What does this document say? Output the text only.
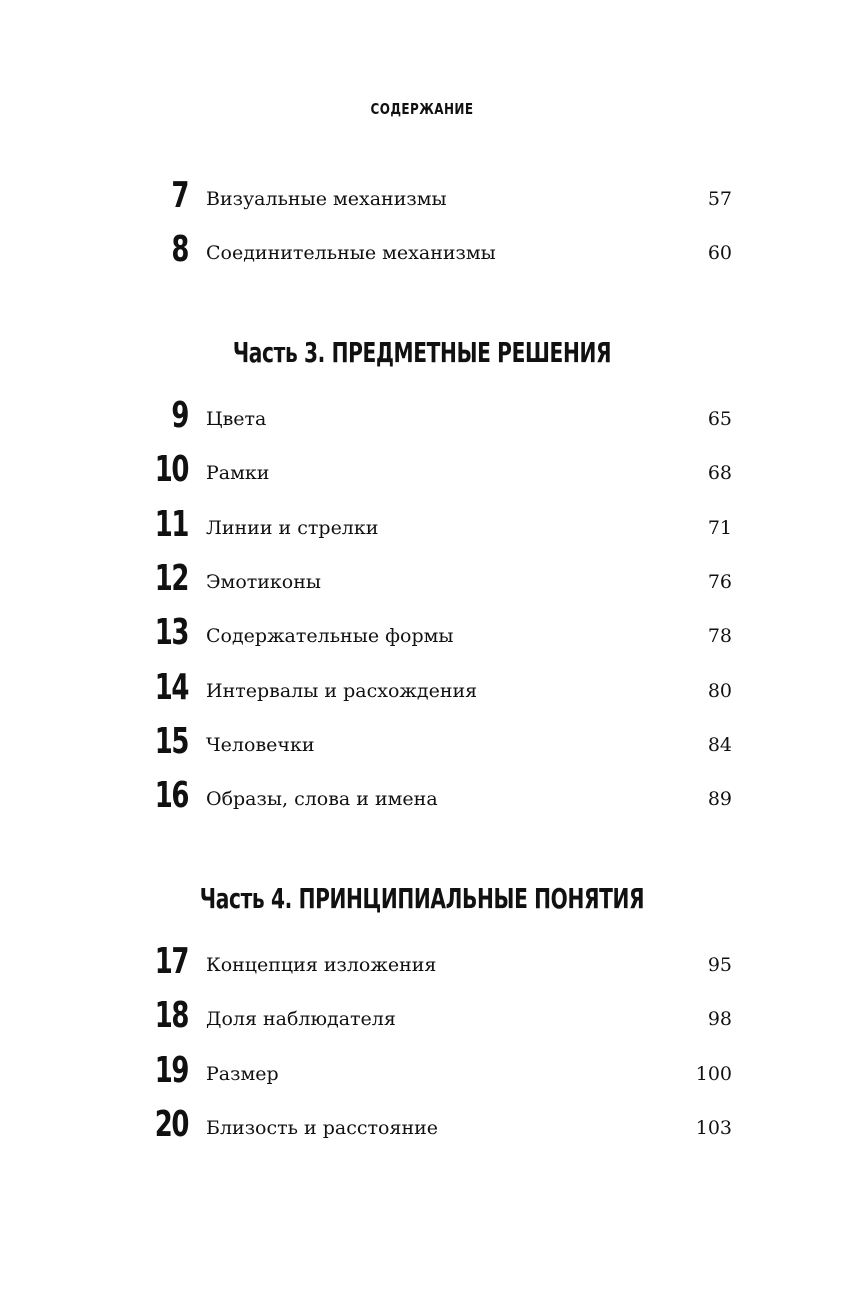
СОДЕРЖАНИЕ
7 Визуальные механизмы	57
8 Соединительные механизмы	60
Часть 3. ПРЕДМЕТНЫЕ РЕШЕНИЯ
9 Цвета	65
10 Рамки	68
11 Линии и стрелки	71
12 Эмотиконы	76
13 Содержательные формы	78
14 Интервалы и расхождения	80
15 Человечки	84
16 Образы, слова и имена	89
Часть 4. ПРИНЦИПИАЛЬНЫЕ ПОНЯТИЯ
17 Концепция изложения	95
18 Доля наблюдателя	98
19 Размер	100
20 Близость и расстояние	103
